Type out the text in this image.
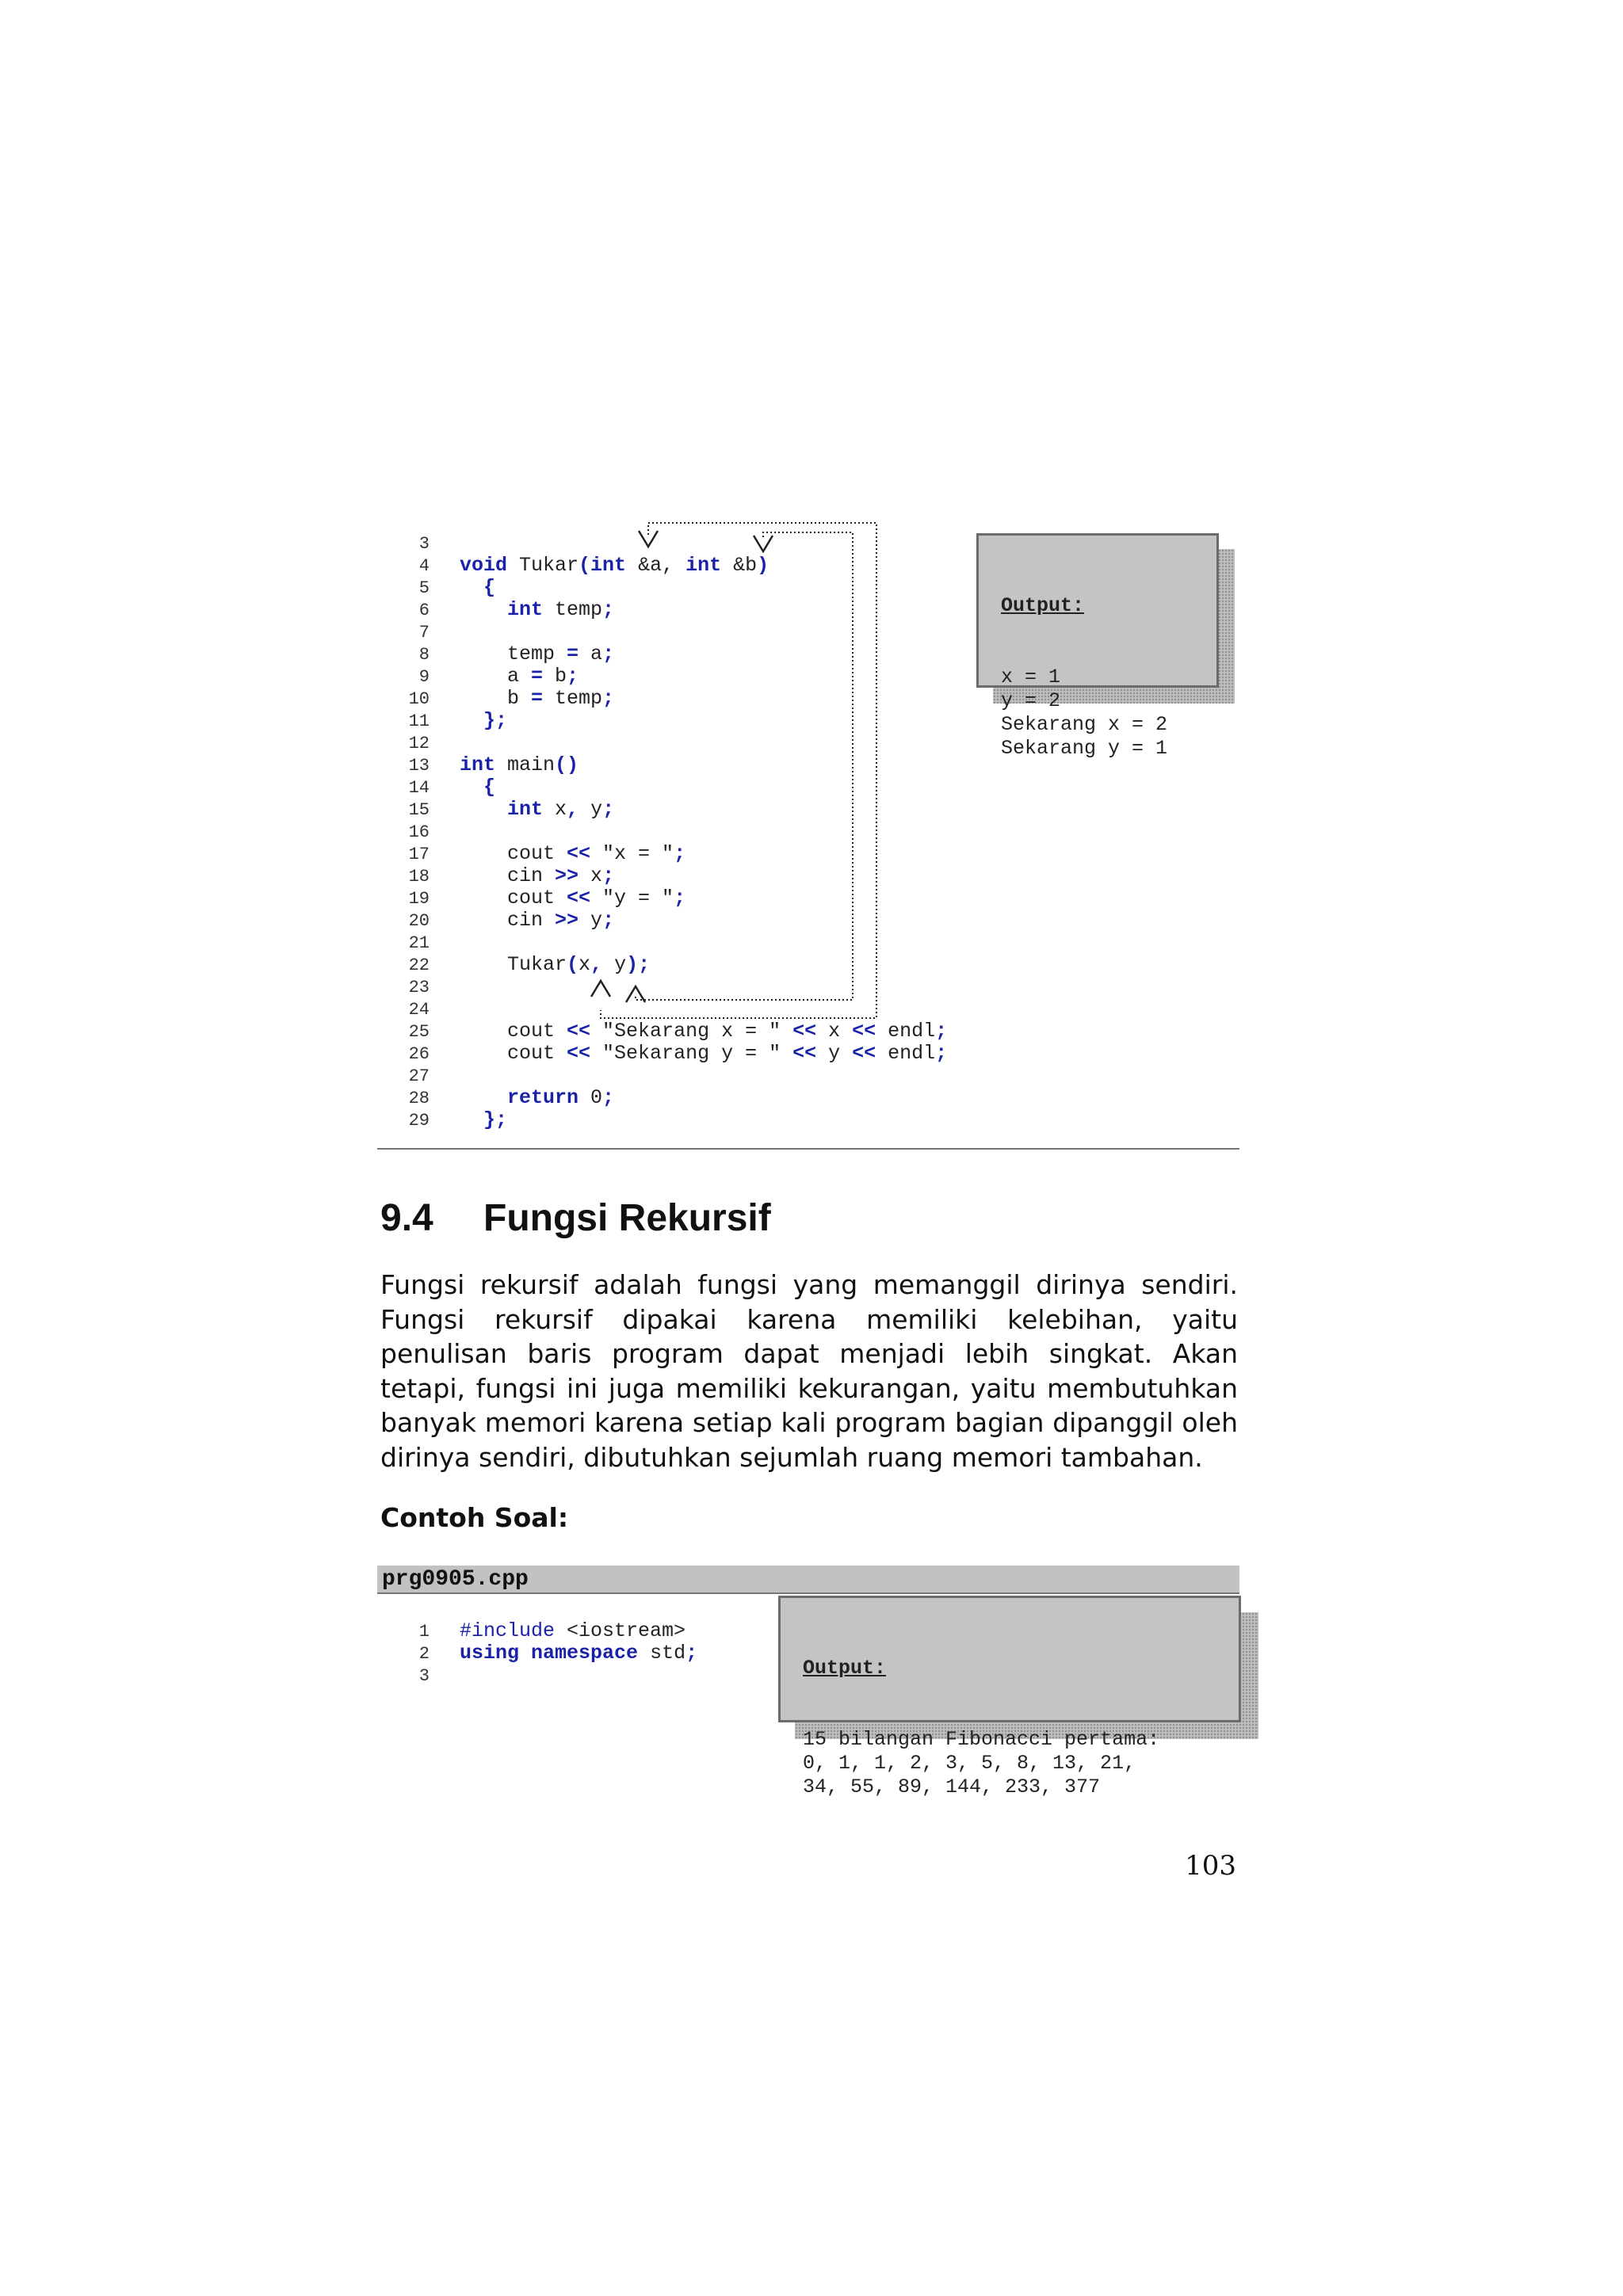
3
4 void Tukar(int &a, int &b)
5	{
6	int temp;
7
8    temp = a;
9    a = b;
10    b = temp;
11	};
12
13 int main()
14	{
15	int x, y;
16
17    cout << "x = ";
18    cin >> x;
19    cout << "y = ";
20    cin >> y;
21
22    Tukar(x, y);
23
24
25    cout << "Sekarang x = " << x << endl;
26    cout << "Sekarang y = " << y << endl;
27
28	return 0;
29	};

Output:

x = 1
y = 2
Sekarang x = 2
Sekarang y = 1

9.4 Fungsi Rekursif
Fungsi rekursif adalah fungsi yang memanggil dirinya sendiri. Fungsi rekursif dipakai karena memiliki kelebihan, yaitu penulisan baris program dapat menjadi lebih singkat. Akan tetapi, fungsi ini juga memiliki kekurangan, yaitu membutuhkan banyak memori karena setiap kali program bagian dipanggil oleh dirinya sendiri, dibutuhkan sejumlah ruang memori tambahan.
Contoh Soal:
prg0905.cpp
1 #include <iostream>
2 using namespace std;
3

	Output:

15 bilangan Fibonacci pertama:
0, 1, 1, 2, 3, 5, 8, 13, 21,
34, 55, 89, 144, 233, 377

103
